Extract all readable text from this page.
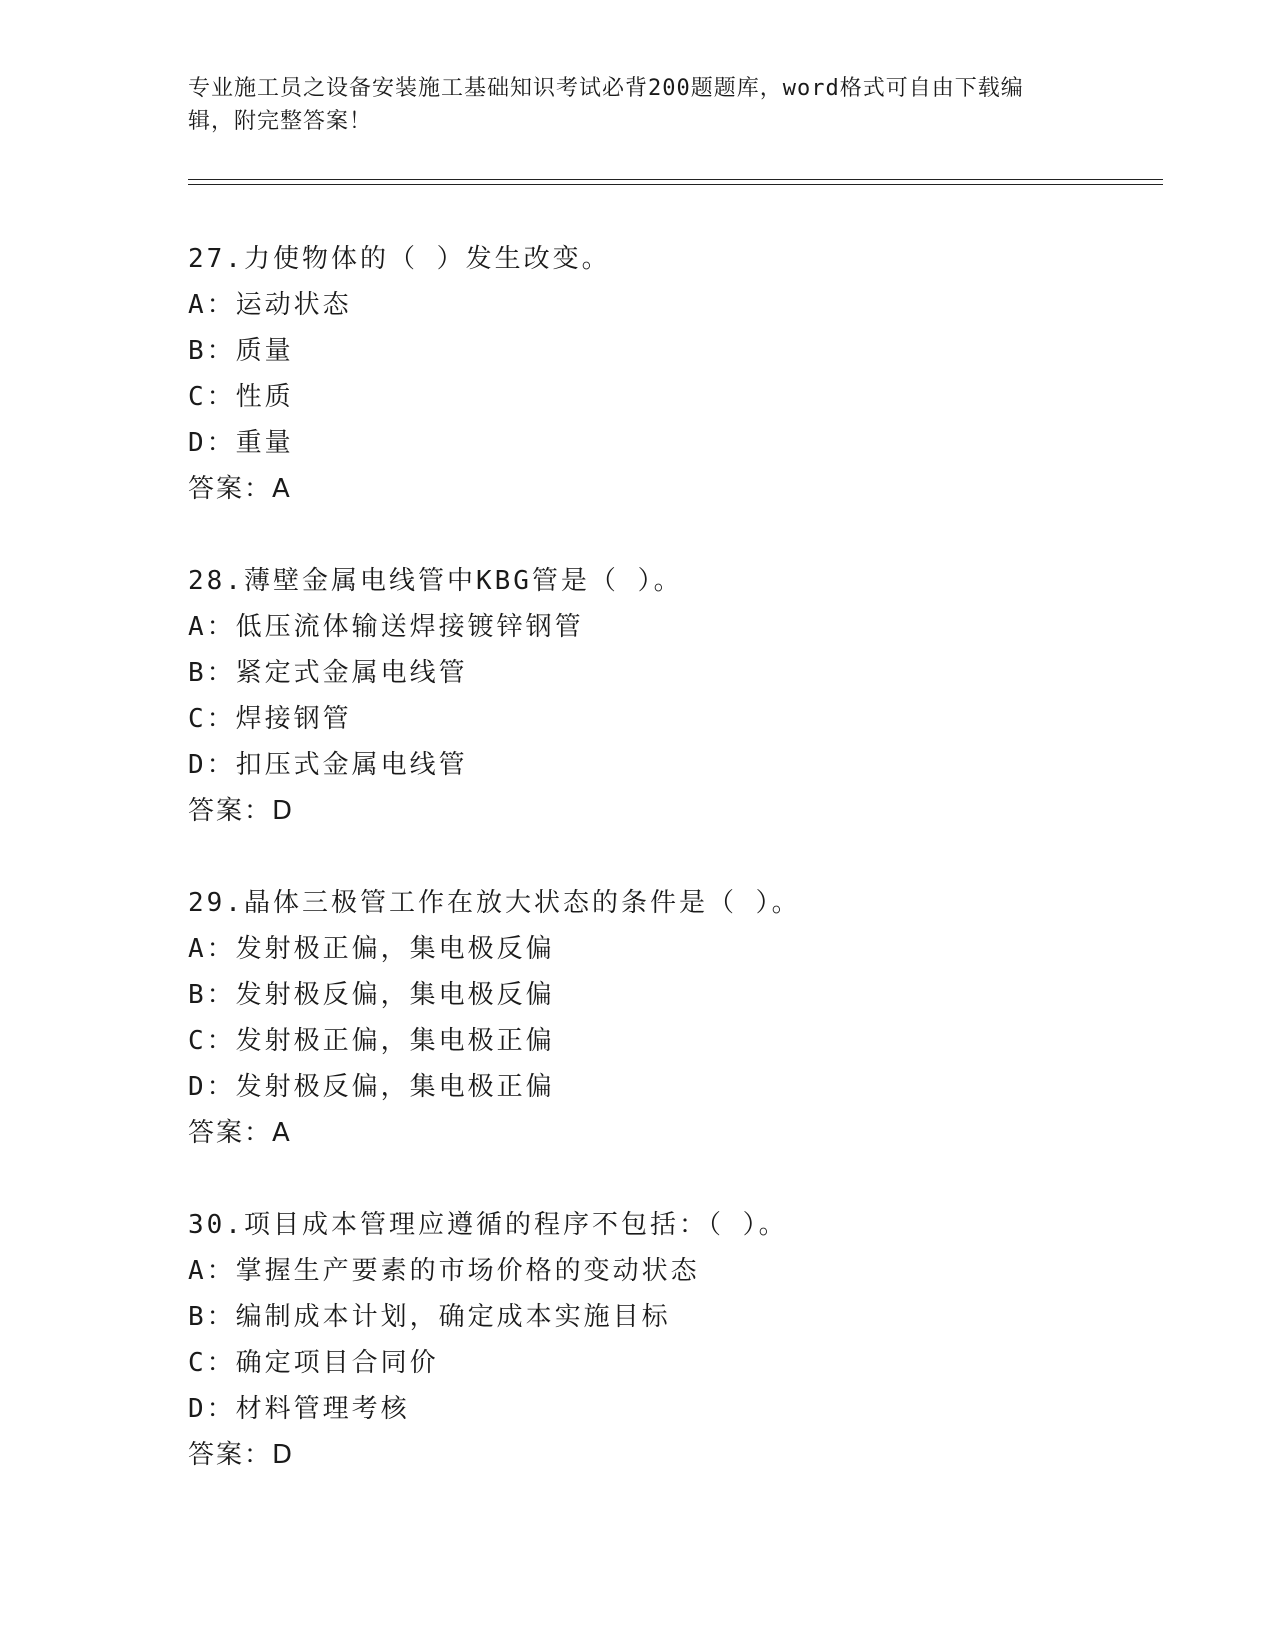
专业施工员之设备安装施工基础知识考试必背200题题库，word格式可自由下载编辑，附完整答案！
27.力使物体的（ ）发生改变。
A：运动状态
B：质量
C：性质
D：重量
答案：A
28.薄壁金属电线管中KBG管是（ ）。
A：低压流体输送焊接镀锌钢管
B：紧定式金属电线管
C：焊接钢管
D：扣压式金属电线管
答案：D
29.晶体三极管工作在放大状态的条件是（ ）。
A：发射极正偏，集电极反偏
B：发射极反偏，集电极反偏
C：发射极正偏，集电极正偏
D：发射极反偏，集电极正偏
答案：A
30.项目成本管理应遵循的程序不包括：（ ）。
A：掌握生产要素的市场价格的变动状态
B：编制成本计划，确定成本实施目标
C：确定项目合同价
D：材料管理考核
答案：D
